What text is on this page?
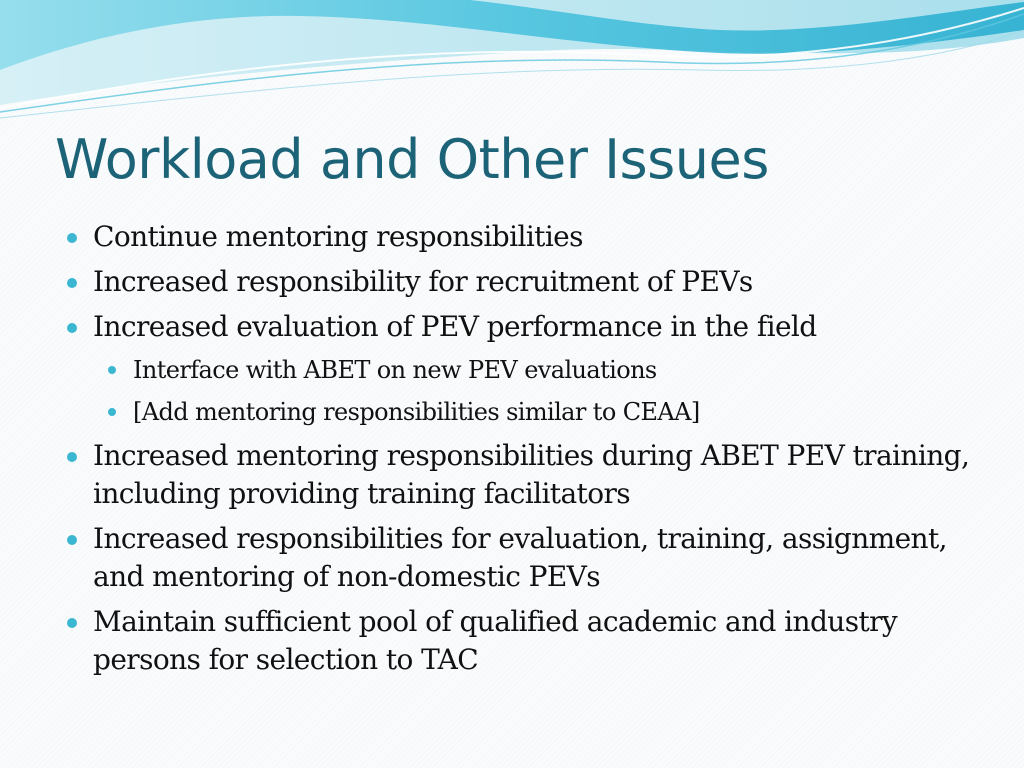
Workload and Other Issues
Continue mentoring responsibilities
Increased responsibility for recruitment of PEVs
Increased evaluation of PEV performance in the field
Interface with ABET on new PEV evaluations
[Add mentoring responsibilities similar to CEAA]
Increased mentoring responsibilities during ABET PEV training, including providing training facilitators
Increased responsibilities for evaluation, training, assignment, and mentoring of non-domestic PEVs
Maintain sufficient pool of qualified academic and industry persons for selection to TAC
